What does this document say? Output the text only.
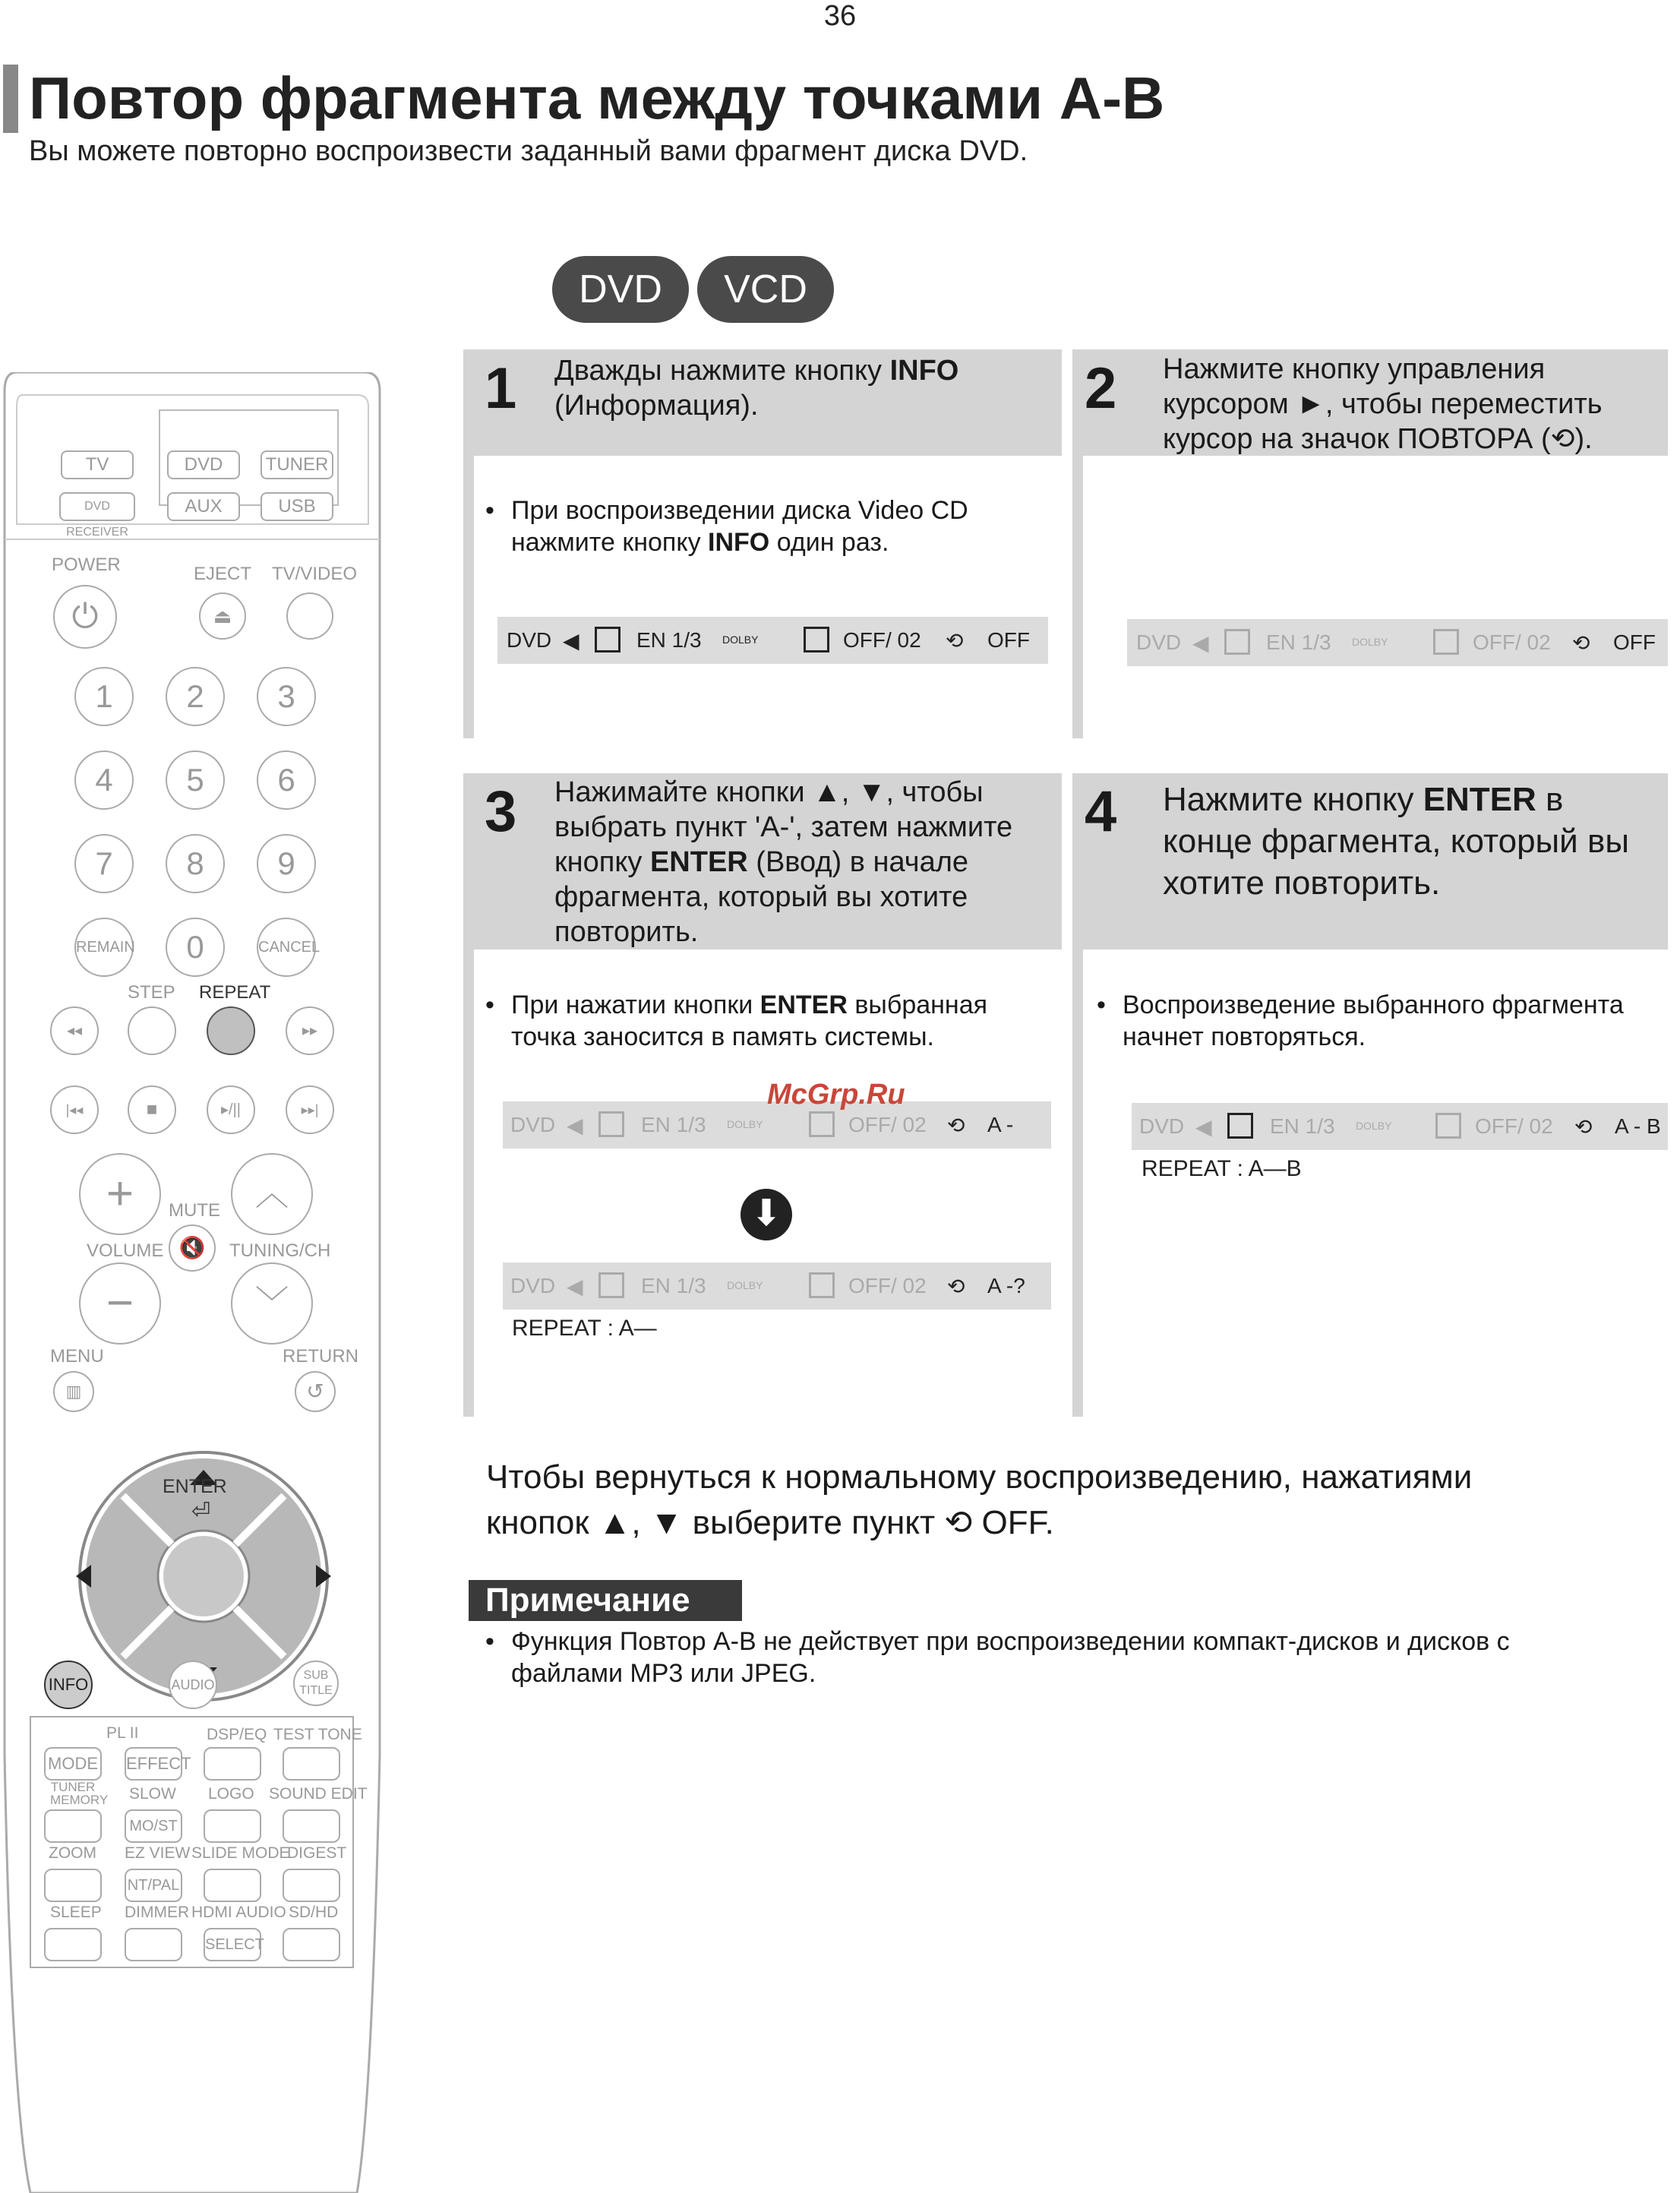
36
Повтор фрагмента между точками А-В
Вы можете повторно воспроизвести заданный вами фрагмент диска DVD.
DVD	VCD
TV	DVD	TUNER
DVD RECEIVER
AUX	USB
POWER	EJECT TV/VIDEO
⏻	⏏
1	2	3
4	5	6
7	8	9
REMAIN	0	CANCEL
STEP REPEAT
◂◂	▸▸
|◂◂	■	▸/||	▸▸|
+	︿
MUTE
🔇
VOLUME	TUNING/CH
−	﹀
MENU	RETURN
▥	↺
ENTER
⏎
INFO	AUDIO
SUB TITLE
PL II	DSP/EQ TEST TONE
MODE EFFECT
TUNER MEMORY SLOW LOGO SOUND EDIT
MO/ST
ZOOM EZ VIEW SLIDE MODE
DIGEST
NT/PAL
SLEEP DIMMER HDMI AUDIO SD/HD
SELECT
1 Дважды нажмите кнопку INFO (Информация).
• При воспроизведении диска Video CD нажмите кнопку INFO один раз.
DVD ◀	EN 1/3 DOLBY	OFF/ 02 ⟲ OFF
2 Нажмите кнопку управления курсором ►, чтобы переместить курсор на значок ПОВТОРА (⟲).
DVD ◀	EN 1/3 DOLBY	OFF/ 02 ⟲ OFF
3 Нажимайте кнопки ▲, ▼, чтобы выбрать пункт 'A-', затем нажмите кнопку ENTER (Ввод) в начале фрагмента, который вы хотите повторить.
• При нажатии кнопки ENTER выбранная точка заносится в память системы.
DVD ◀	EN 1/3 DOLBY	OFF/ 02 ⟲ A -
McGrp.Ru
⬇
DVD ◀	EN 1/3 DOLBY	OFF/ 02 ⟲ A -?
REPEAT : A—
4 Нажмите кнопку ENTER в конце фрагмента, который вы хотите повторить.
• Воспроизведение выбранного фрагмента начнет повторяться.
DVD ◀	EN 1/3 DOLBY	OFF/ 02 ⟲ A - B
REPEAT : A—B
Чтобы вернуться к нормальному воспроизведению, нажатиями
кнопок ▲, ▼ выберите пункт ⟲ OFF.
Примечание
• Функция Повтор A-B не действует при воспроизведении компакт-дисков и дисков с файлами MP3 или JPEG.
